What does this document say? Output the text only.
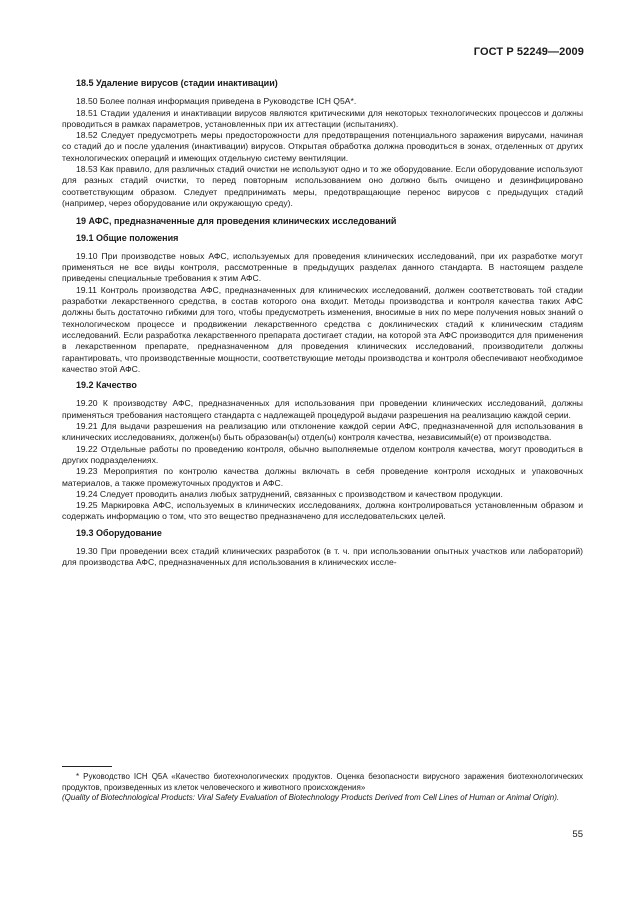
ГОСТ Р 52249—2009
18.5 Удаление вирусов (стадии инактивации)

18.50 Более полная информация приведена в Руководстве ICH Q5A*.

18.51 Стадии удаления и инактивации вирусов являются критическими для некоторых технологических процессов и должны проводиться в рамках параметров, установленных при их аттестации (испытаниях).

18.52 Следует предусмотреть меры предосторожности для предотвращения потенциального заражения вирусами, начиная со стадий до и после удаления (инактивации) вирусов. Открытая обработка должна проводиться в зонах, отделенных от других технологических операций и имеющих отдельную систему вентиляции.

18.53 Как правило, для различных стадий очистки не используют одно и то же оборудование. Если оборудование используют для разных стадий очистки, то перед повторным использованием оно должно быть очищено и дезинфицировано соответствующим образом. Следует предпринимать меры, предотвращающие перенос вирусов с предыдущих стадий (например, через оборудование или окружающую среду).

19 АФС, предназначенные для проведения клинических исследований
19.1 Общие положения

19.10 При производстве новых АФС, используемых для проведения клинических исследований, при их разработке могут применяться не все виды контроля, рассмотренные в предыдущих разделах данного стандарта. В настоящем разделе приведены специальные требования к этим АФС.

19.11 Контроль производства АФС, предназначенных для клинических исследований, должен соответствовать той стадии разработки лекарственного средства, в состав которого она входит. Методы производства и контроля качества таких АФС должны быть достаточно гибкими для того, чтобы предусмотреть изменения, вносимые в них по мере получения новых знаний о технологическом процессе и продвижении лекарственного средства с доклинических стадий к клиническим стадиям исследований. Если разработка лекарственного препарата достигает стадии, на которой эта АФС производится для применения в лекарственном препарате, предназначенном для проведения клинических исследований, производители должны гарантировать, что производственные мощности, соответствующие методы производства и контроля обеспечивают необходимое качество этой АФС.

19.2 Качество

19.20 К производству АФС, предназначенных для использования при проведении клинических исследований, должны применяться требования настоящего стандарта с надлежащей процедурой выдачи разрешения на реализацию каждой серии.

19.21 Для выдачи разрешения на реализацию или отклонение каждой серии АФС, предназначенной для использования в клинических исследованиях, должен(ы) быть образован(ы) отдел(ы) контроля качества, независимый(е) от производства.

19.22 Отдельные работы по проведению контроля, обычно выполняемые отделом контроля качества, могут проводиться в других подразделениях.

19.23 Мероприятия по контролю качества должны включать в себя проведение контроля исходных и упаковочных материалов, а также промежуточных продуктов и АФС.

19.24 Следует проводить анализ любых затруднений, связанных с производством и качеством продукции.

19.25 Маркировка АФС, используемых в клинических исследованиях, должна контролироваться установленным образом и содержать информацию о том, что это вещество предназначено для исследовательских целей.

19.3 Оборудование

19.30 При проведении всех стадий клинических разработок (в т. ч. при использовании опытных участков или лабораторий) для производства АФС, предназначенных для использования в клинических иссле-

* Руководство ICH Q5A «Качество биотехнологических продуктов. Оценка безопасности вирусного заражения биотехнологических продуктов, произведенных из клеток человеческого и животного происхождения»

(Quality of Biotechnological Products: Viral Safety Evaluation of Biotechnology Products Derived from Cell Lines of Human or Animal Origin).

55
